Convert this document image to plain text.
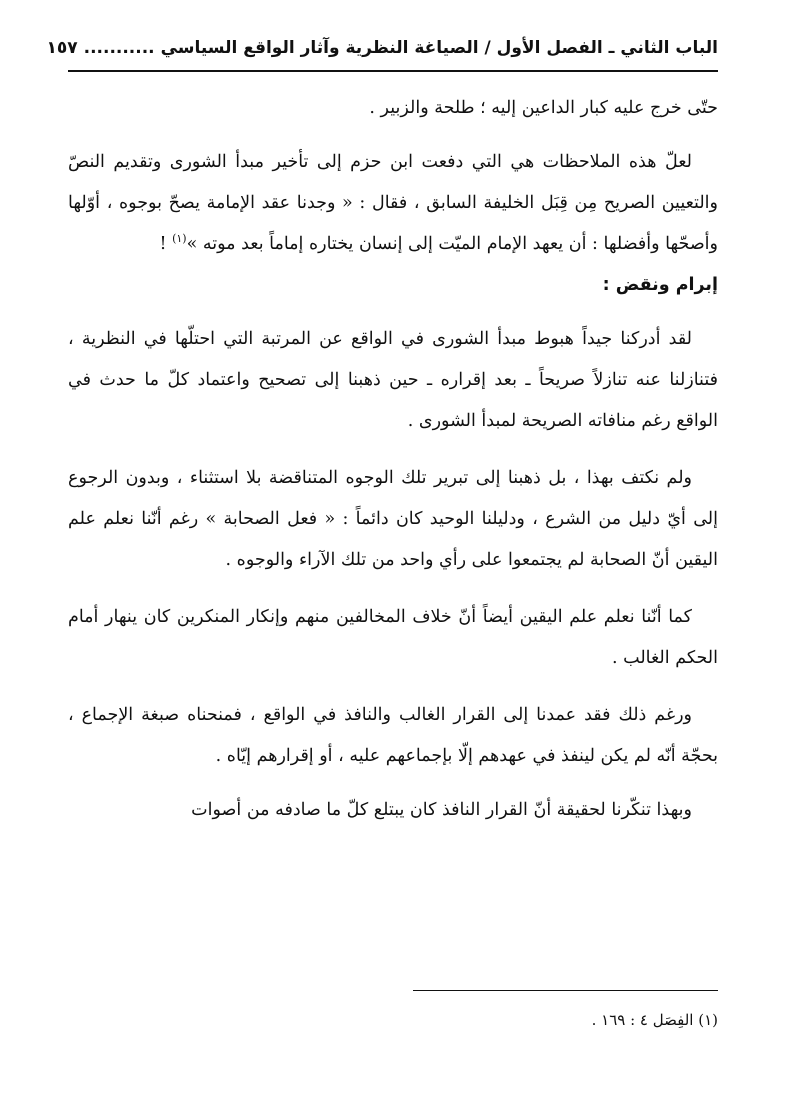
الباب الثاني ـ الفصل الأول / الصياغة النظرية وآثار الواقع السياسي ........... ١٥٧

حتّى خرج عليه كبار الداعين إليه ؛ طلحة والزبير .

لعلّ هذه الملاحظات هي التي دفعت ابن حزم إلى تأخير مبدأ الشورى وتقديم النصّ والتعيين الصريح مِن قِبَل الخليفة السابق ، فقال : « وجدنا عقد الإمامة يصحّ بوجوه ، أوّلها وأصحّها وأفضلها : أن يعهد الإمام الميّت إلى إنسان يختاره إماماً بعد موته »$^{(١)}$ !

إبرام ونقض :

لقد أدركنا جيداً هبوط مبدأ الشورى في الواقع عن المرتبة التي احتلّها في النظرية ، فتنازلنا عنه تنازلاً صريحاً ـ بعد إقراره ـ حين ذهبنا إلى تصحيح واعتماد كلّ ما حدث في الواقع رغم منافاته الصريحة لمبدأ الشورى .

ولم نكتف بهذا ، بل ذهبنا إلى تبرير تلك الوجوه المتناقضة بلا استثناء ، وبدون الرجوع إلى أيّ دليل من الشرع ، ودليلنا الوحيد كان دائماً : « فعل الصحابة » رغم أنّنا نعلم علم اليقين أنّ الصحابة لم يجتمعوا على رأي واحد من تلك الآراء والوجوه .

كما أنّنا نعلم علم اليقين أيضاً أنّ خلاف المخالفين منهم وإنكار المنكرين كان ينهار أمام الحكم الغالب .

ورغم ذلك فقد عمدنا إلى القرار الغالب والنافذ في الواقع ، فمنحناه صبغة الإجماع ، بحجّة أنّه لم يكن لينفذ في عهدهم إلّا بإجماعهم عليه ، أو إقرارهم إيّاه .

وبهذا تنكّرنا لحقيقة أنّ القرار النافذ كان يبتلع كلّ ما صادفه من أصوات

(١) الفِصَل ٤ : ١٦٩ .
